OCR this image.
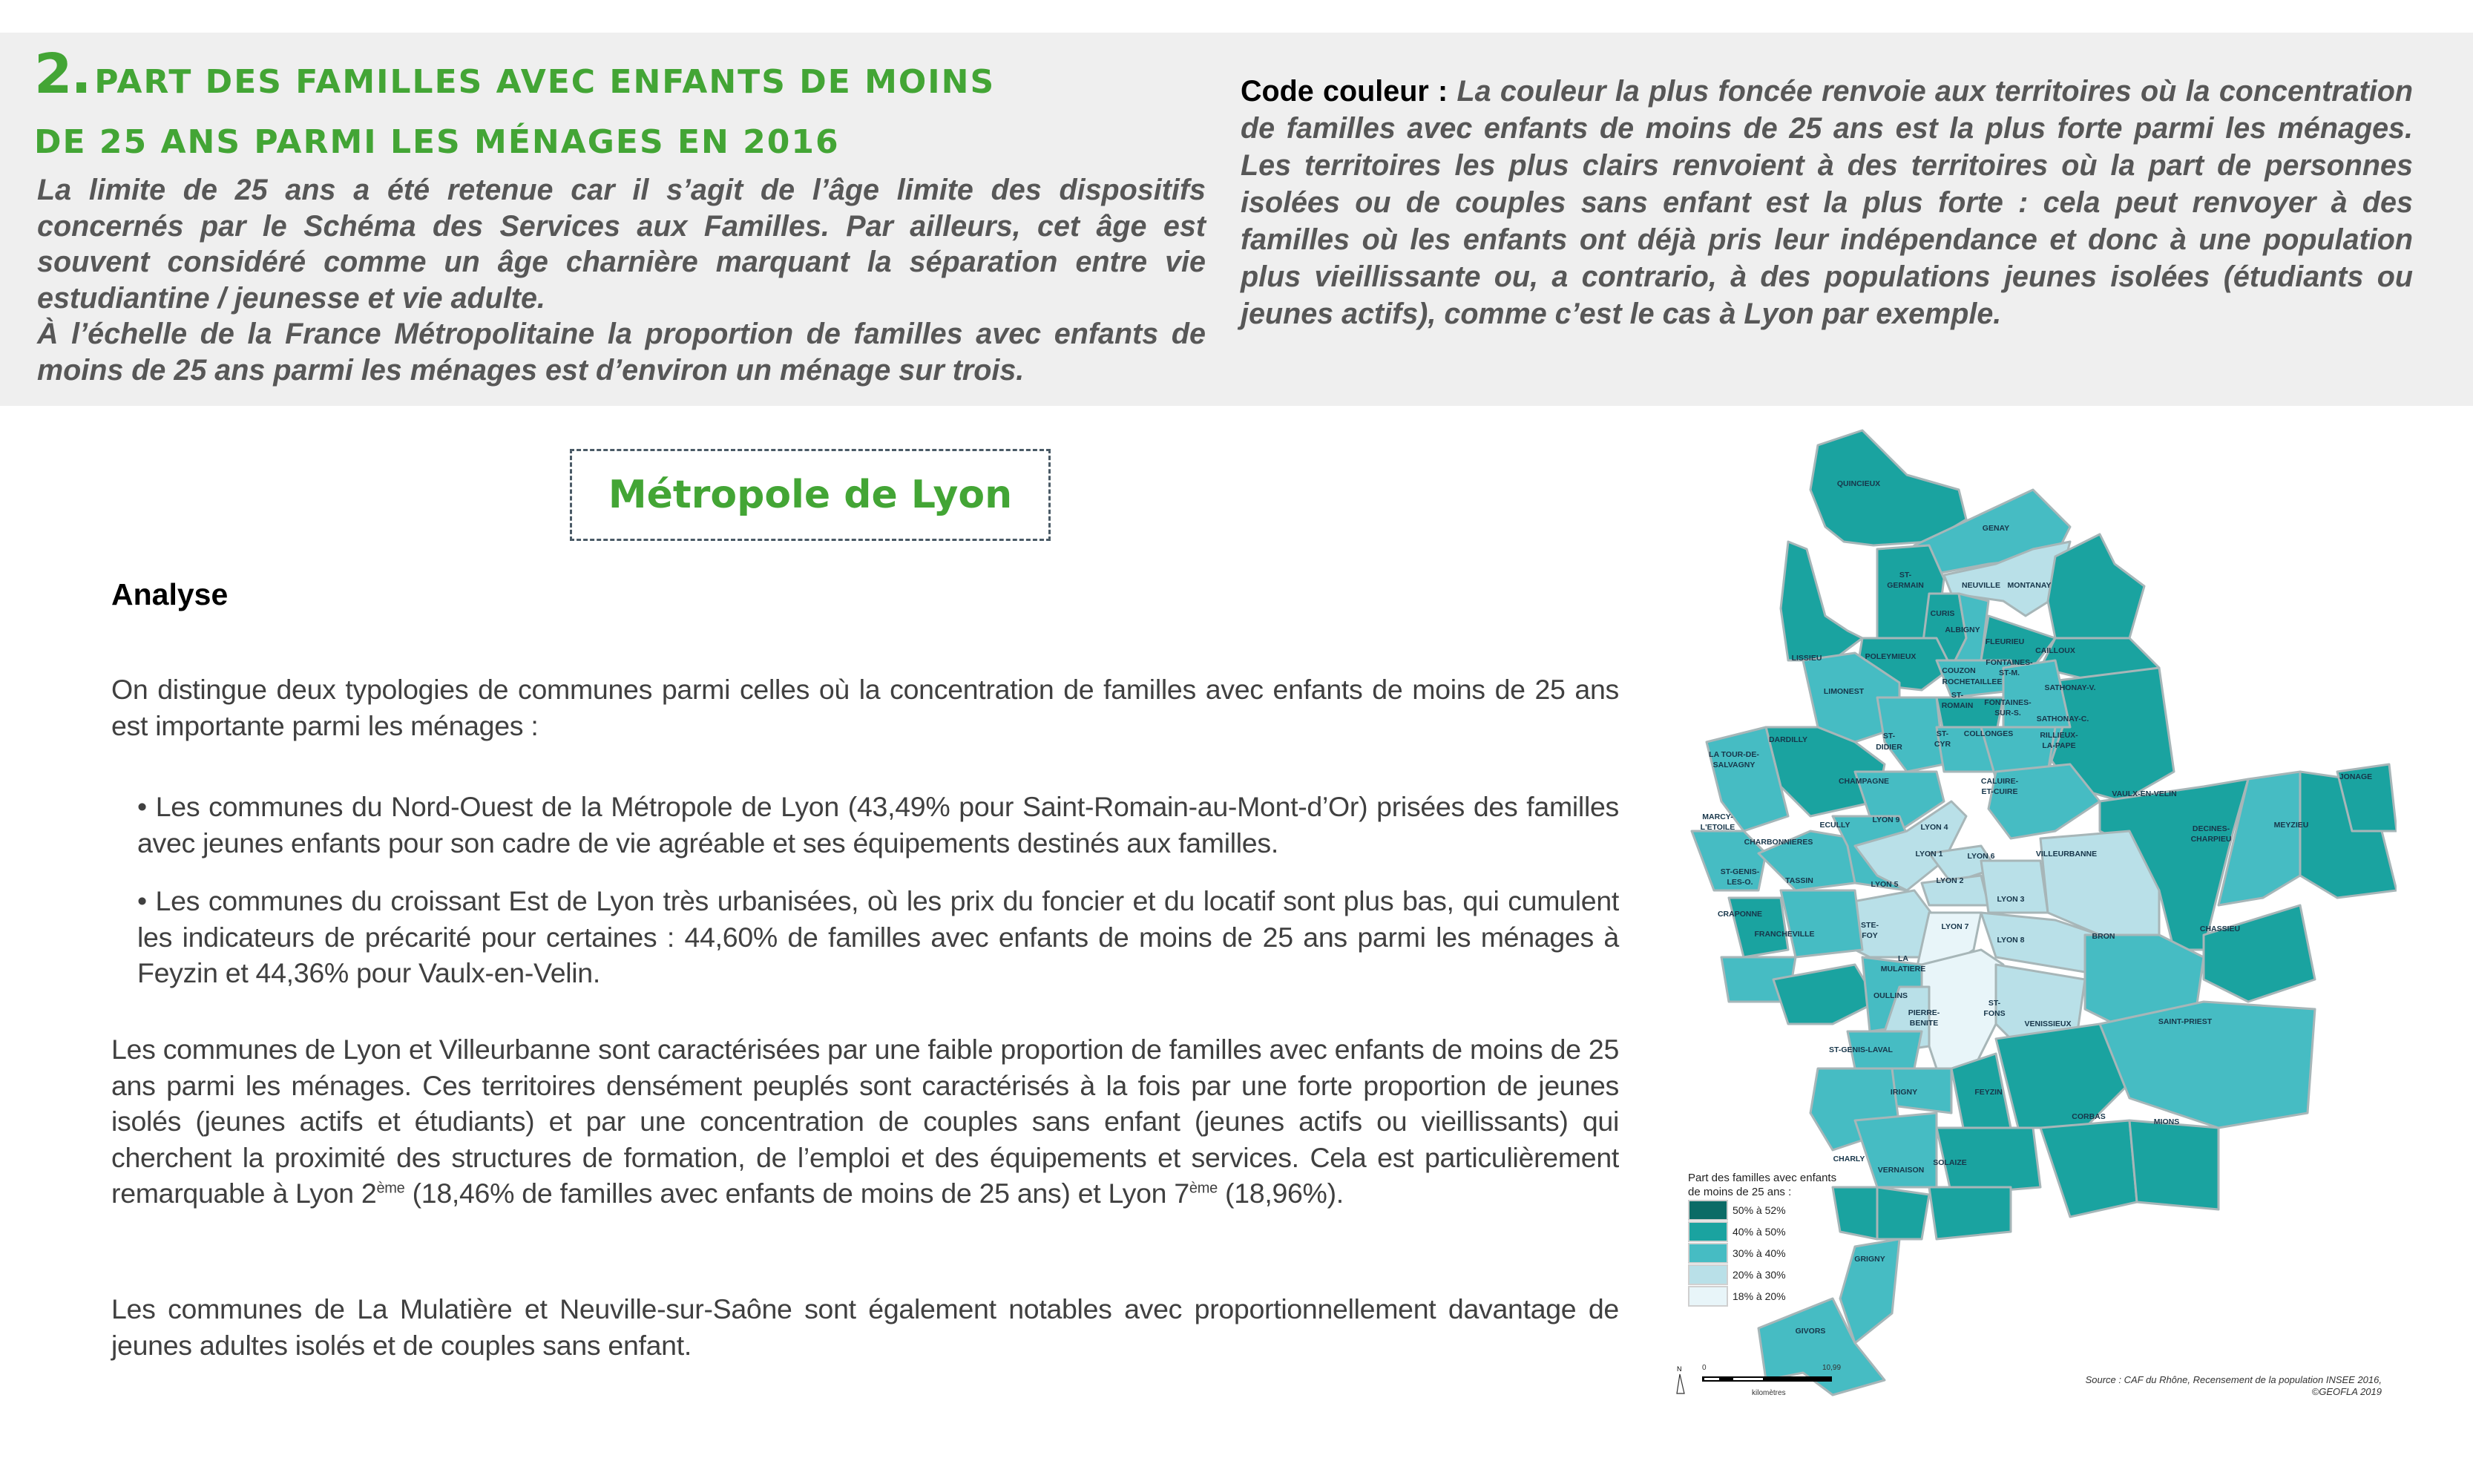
2. PART DES FAMILLES AVEC ENFANTS DE MOINS
DE 25 ANS PARMI LES MÉNAGES EN 2016

La limite de 25 ans a été retenue car il s’agit de l’âge limite des dispositifs concernés par le Schéma des Services aux Familles. Par ailleurs, cet âge est souvent considéré comme un âge charnière marquant la séparation entre vie estudiantine / jeunesse et vie adulte.

À l’échelle de la France Métropolitaine la proportion de familles avec enfants de moins de 25 ans parmi les ménages est d’environ un ménage sur trois.

Code couleur : La couleur la plus foncée renvoie aux territoires où la concentration de familles avec enfants de moins de 25 ans est la plus forte parmi les ménages. Les territoires les plus clairs renvoient à des territoires où la part de personnes isolées ou de couples sans enfant est la plus forte : cela peut renvoyer à des familles où les enfants ont déjà pris leur indépendance et donc à une population plus vieillissante ou, a contrario, à des populations jeunes isolées (étudiants ou jeunes actifs), comme c’est le cas à Lyon par exemple.
Métropole de Lyon
Analyse

On distingue deux typologies de communes parmi celles où la concentration de familles avec enfants de moins de 25 ans est importante parmi les ménages :

• Les communes du Nord-Ouest de la Métropole de Lyon (43,49% pour Saint-Romain-au-Mont-d’Or) prisées des familles avec jeunes enfants pour son cadre de vie agréable et ses équipements destinés aux familles.

• Les communes du croissant Est de Lyon très urbanisées, où les prix du foncier et du locatif sont plus bas, qui cumulent les indicateurs de précarité pour certaines : 44,60% de familles avec enfants de moins de 25 ans parmi les ménages à Feyzin et 44,36% pour Vaulx-en-Velin.

Les communes de Lyon et Villeurbanne sont caractérisées par une faible proportion de familles avec enfants de moins de 25 ans parmi les ménages. Ces territoires densément peuplés sont caractérisés à la fois par une forte proportion de jeunes isolés (jeunes actifs et étudiants) et par une concentration de couples sans enfant (jeunes actifs ou vieillissants) qui cherchent la proximité des structures de formation, de l’emploi et des équipements et services. Cela est particulièrement remarquable à Lyon 2ème (18,46% de familles avec enfants de moins de 25 ans) et Lyon 7ème (18,96%).

Les communes de La Mulatière et Neuville-sur-Saône sont également notables avec proportionnellement davantage de jeunes adultes isolés et de couples sans enfant.

QUINCIEUX
GENAY
ST-
GERMAIN	NEUVILLE MONTANAY
CURIS
ALBIGNY
FLEURIEU
CAILLOUX
LISSIEU	POLEYMIEUX
COUZON
ROCHETAILLEE
FONTAINES-
ST-M.
SATHONAY-V.
LIMONEST	ST-
ROMAIN FONTAINES-
SUR-S.
SATHONAY-C.
DARDILLY	ST-
DIDIER
ST-
CYR
COLLONGES	RILLIEUX-
LA-PAPE
LA TOUR-DE-
SALVAGNY
CHAMPAGNE	CALUIRE-
ET-CUIRE	VAULX-EN-VELIN
JONAGE
MARCY-
L'ETOILE	ECULLY
LYON 9
LYON 4	DECINES-
CHARPIEU
MEYZIEU
CHARBONNIERES
LYON 1	LYON 6	VILLEURBANNE
ST-GENIS-
LES-O.	TASSIN	LYON 5	LYON 2
LYON 3
CRAPONNE
CHASSIEU
STE-
FOY
LYON 7
FRANCHEVILLE
LYON 8	BRON
LA
MULATIERE
OULLINS
ST-
FONS
PIERRE-
BENITE	VENISSIEUX	SAINT-PRIEST
ST-GENIS-LAVAL
IRIGNY	FEYZIN
CORBAS
MIONS
CHARLY
VERNAISON
SOLAIZE
GRIGNY
GIVORS
Part des familles avec enfants
de moins de 25 ans :
50% à 52%
40% à 50%
30% à 40%
20% à 30%
18% à 20%
N	0	10,99
kilomètres
Source : CAF du Rhône, Recensement de la population INSEE 2016,
©GEOFLA 2019
